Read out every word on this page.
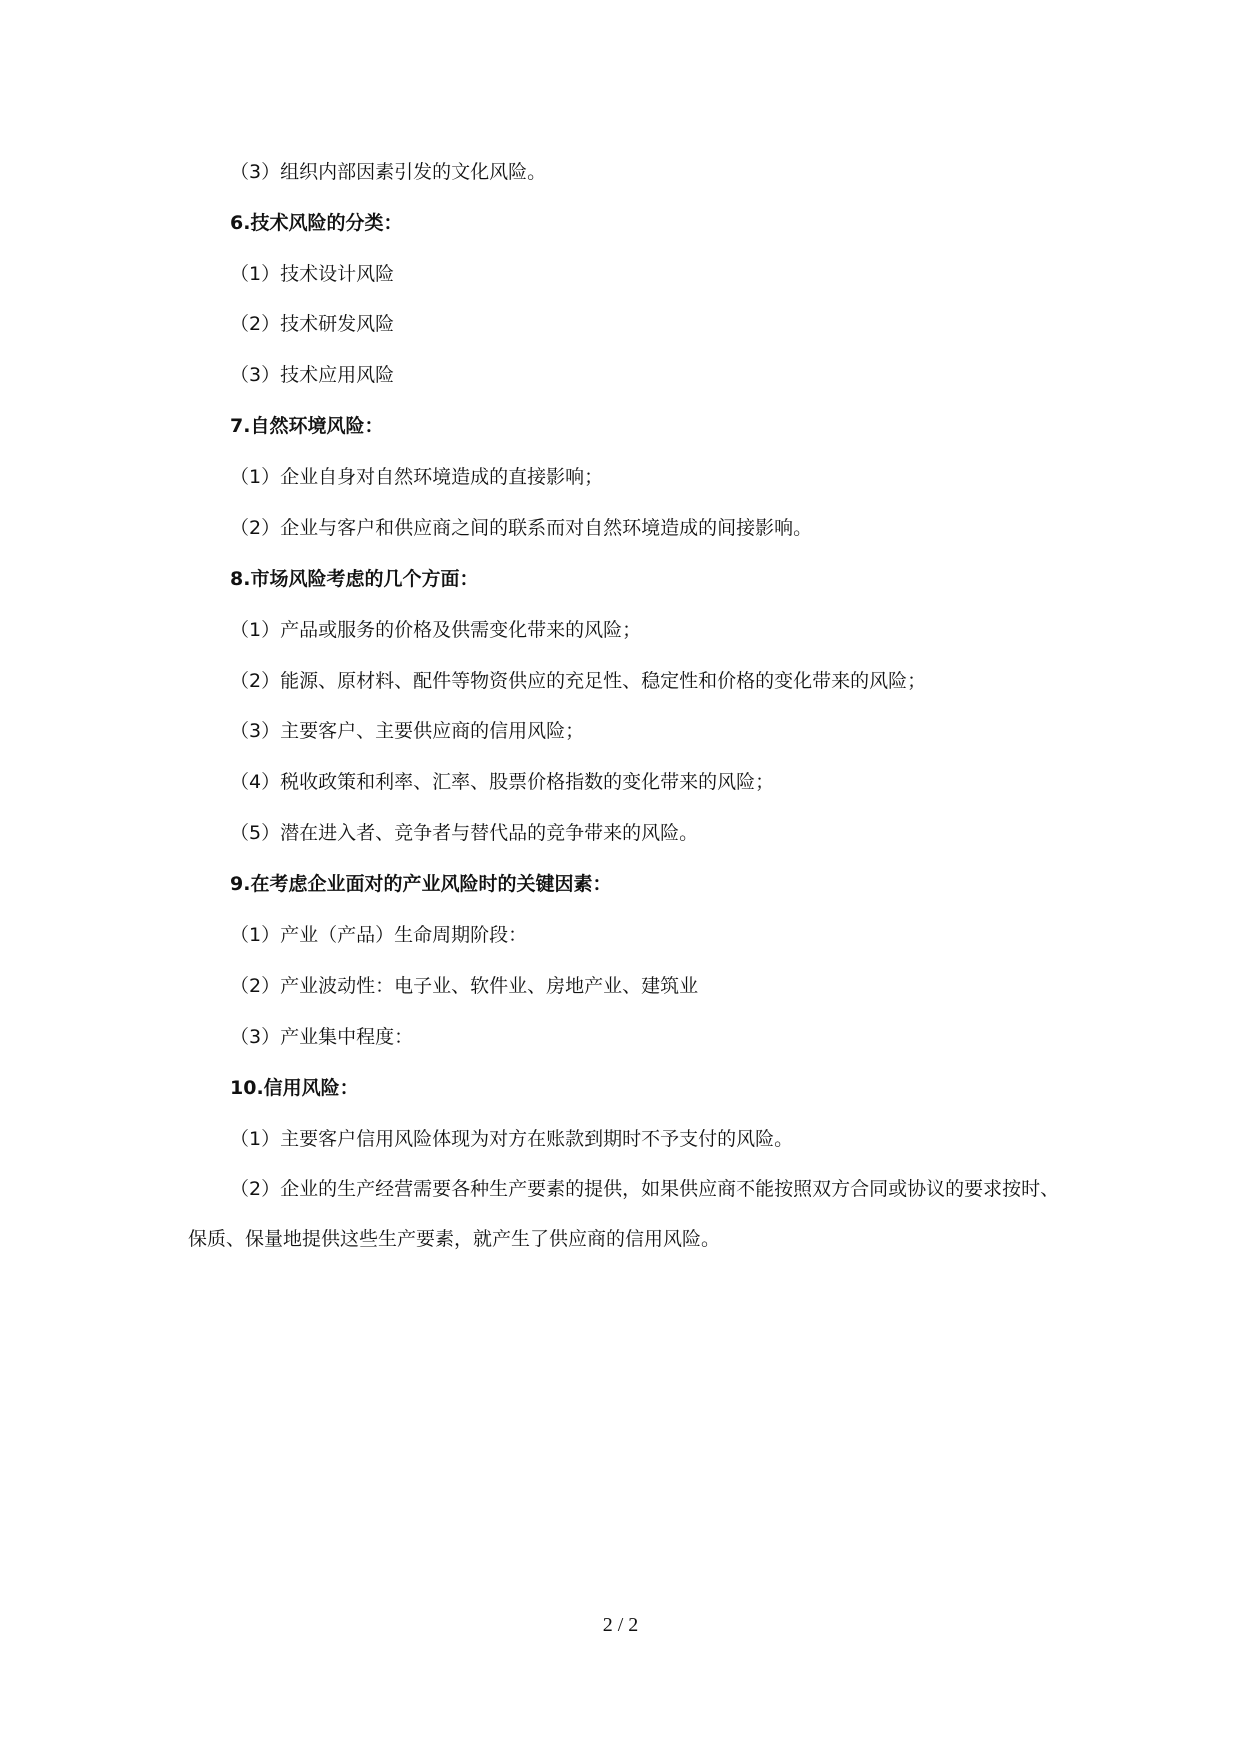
（3）组织内部因素引发的文化风险。
6.技术风险的分类：
（1）技术设计风险
（2）技术研发风险
（3）技术应用风险
7.自然环境风险：
（1）企业自身对自然环境造成的直接影响；
（2）企业与客户和供应商之间的联系而对自然环境造成的间接影响。
8.市场风险考虑的几个方面：
（1）产品或服务的价格及供需变化带来的风险；
（2）能源、原材料、配件等物资供应的充足性、稳定性和价格的变化带来的风险；
（3）主要客户、主要供应商的信用风险；
（4）税收政策和利率、汇率、股票价格指数的变化带来的风险；
（5）潜在进入者、竞争者与替代品的竞争带来的风险。
9.在考虑企业面对的产业风险时的关键因素：
（1）产业（产品）生命周期阶段：
（2）产业波动性：电子业、软件业、房地产业、建筑业
（3）产业集中程度：
10.信用风险：
（1）主要客户信用风险体现为对方在账款到期时不予支付的风险。
（2）企业的生产经营需要各种生产要素的提供，如果供应商不能按照双方合同或协议的要求按时、保质、保量地提供这些生产要素，就产生了供应商的信用风险。
2 / 2
